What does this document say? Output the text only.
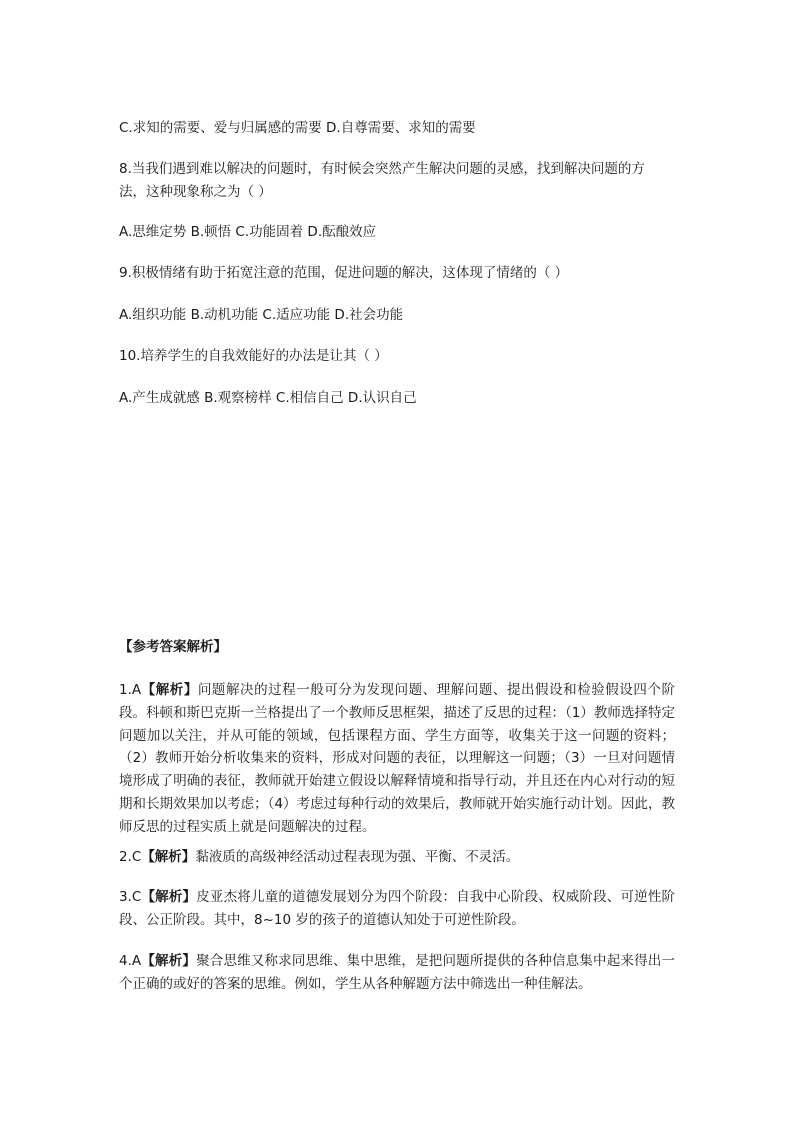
C.求知的需要、爱与归属感的需要 D.自尊需要、求知的需要

8.当我们遇到难以解决的问题时，有时候会突然产生解决问题的灵感，找到解决问题的方

法，这种现象称之为（ ）

A.思维定势 B.顿悟 C.功能固着 D.酝酿效应

9.积极情绪有助于拓宽注意的范围，促进问题的解决，这体现了情绪的（ ）

A.组织功能 B.动机功能 C.适应功能 D.社会功能

10.培养学生的自我效能好的办法是让其（ ）

A.产生成就感 B.观察榜样 C.相信自己 D.认识自己

【参考答案解析】

1.A【解析】问题解决的过程一般可分为发现问题、理解问题、提出假设和检验假设四个阶段。科顿和斯巴克斯一兰格提出了一个教师反思框架，描述了反思的过程：（1）教师选择特定问题加以关注，并从可能的领域，包括课程方面、学生方面等，收集关于这一问题的资料；（2）教师开始分析收集来的资料，形成对问题的表征，以理解这一问题；（3）一旦对问题情境形成了明确的表征，教师就开始建立假设以解释情境和指导行动，并且还在内心对行动的短期和长期效果加以考虑；（4）考虑过每种行动的效果后，教师就开始实施行动计划。因此，教师反思的过程实质上就是问题解决的过程。

2.C【解析】黏液质的高级神经活动过程表现为强、平衡、不灵活。

3.C【解析】皮亚杰将儿童的道德发展划分为四个阶段：自我中心阶段、权威阶段、可逆性阶段、公正阶段。其中，8~10 岁的孩子的道德认知处于可逆性阶段。

4.A【解析】聚合思维又称求同思维、集中思维，是把问题所提供的各种信息集中起来得出一个正确的或好的答案的思维。例如，学生从各种解题方法中筛选出一种佳解法。
